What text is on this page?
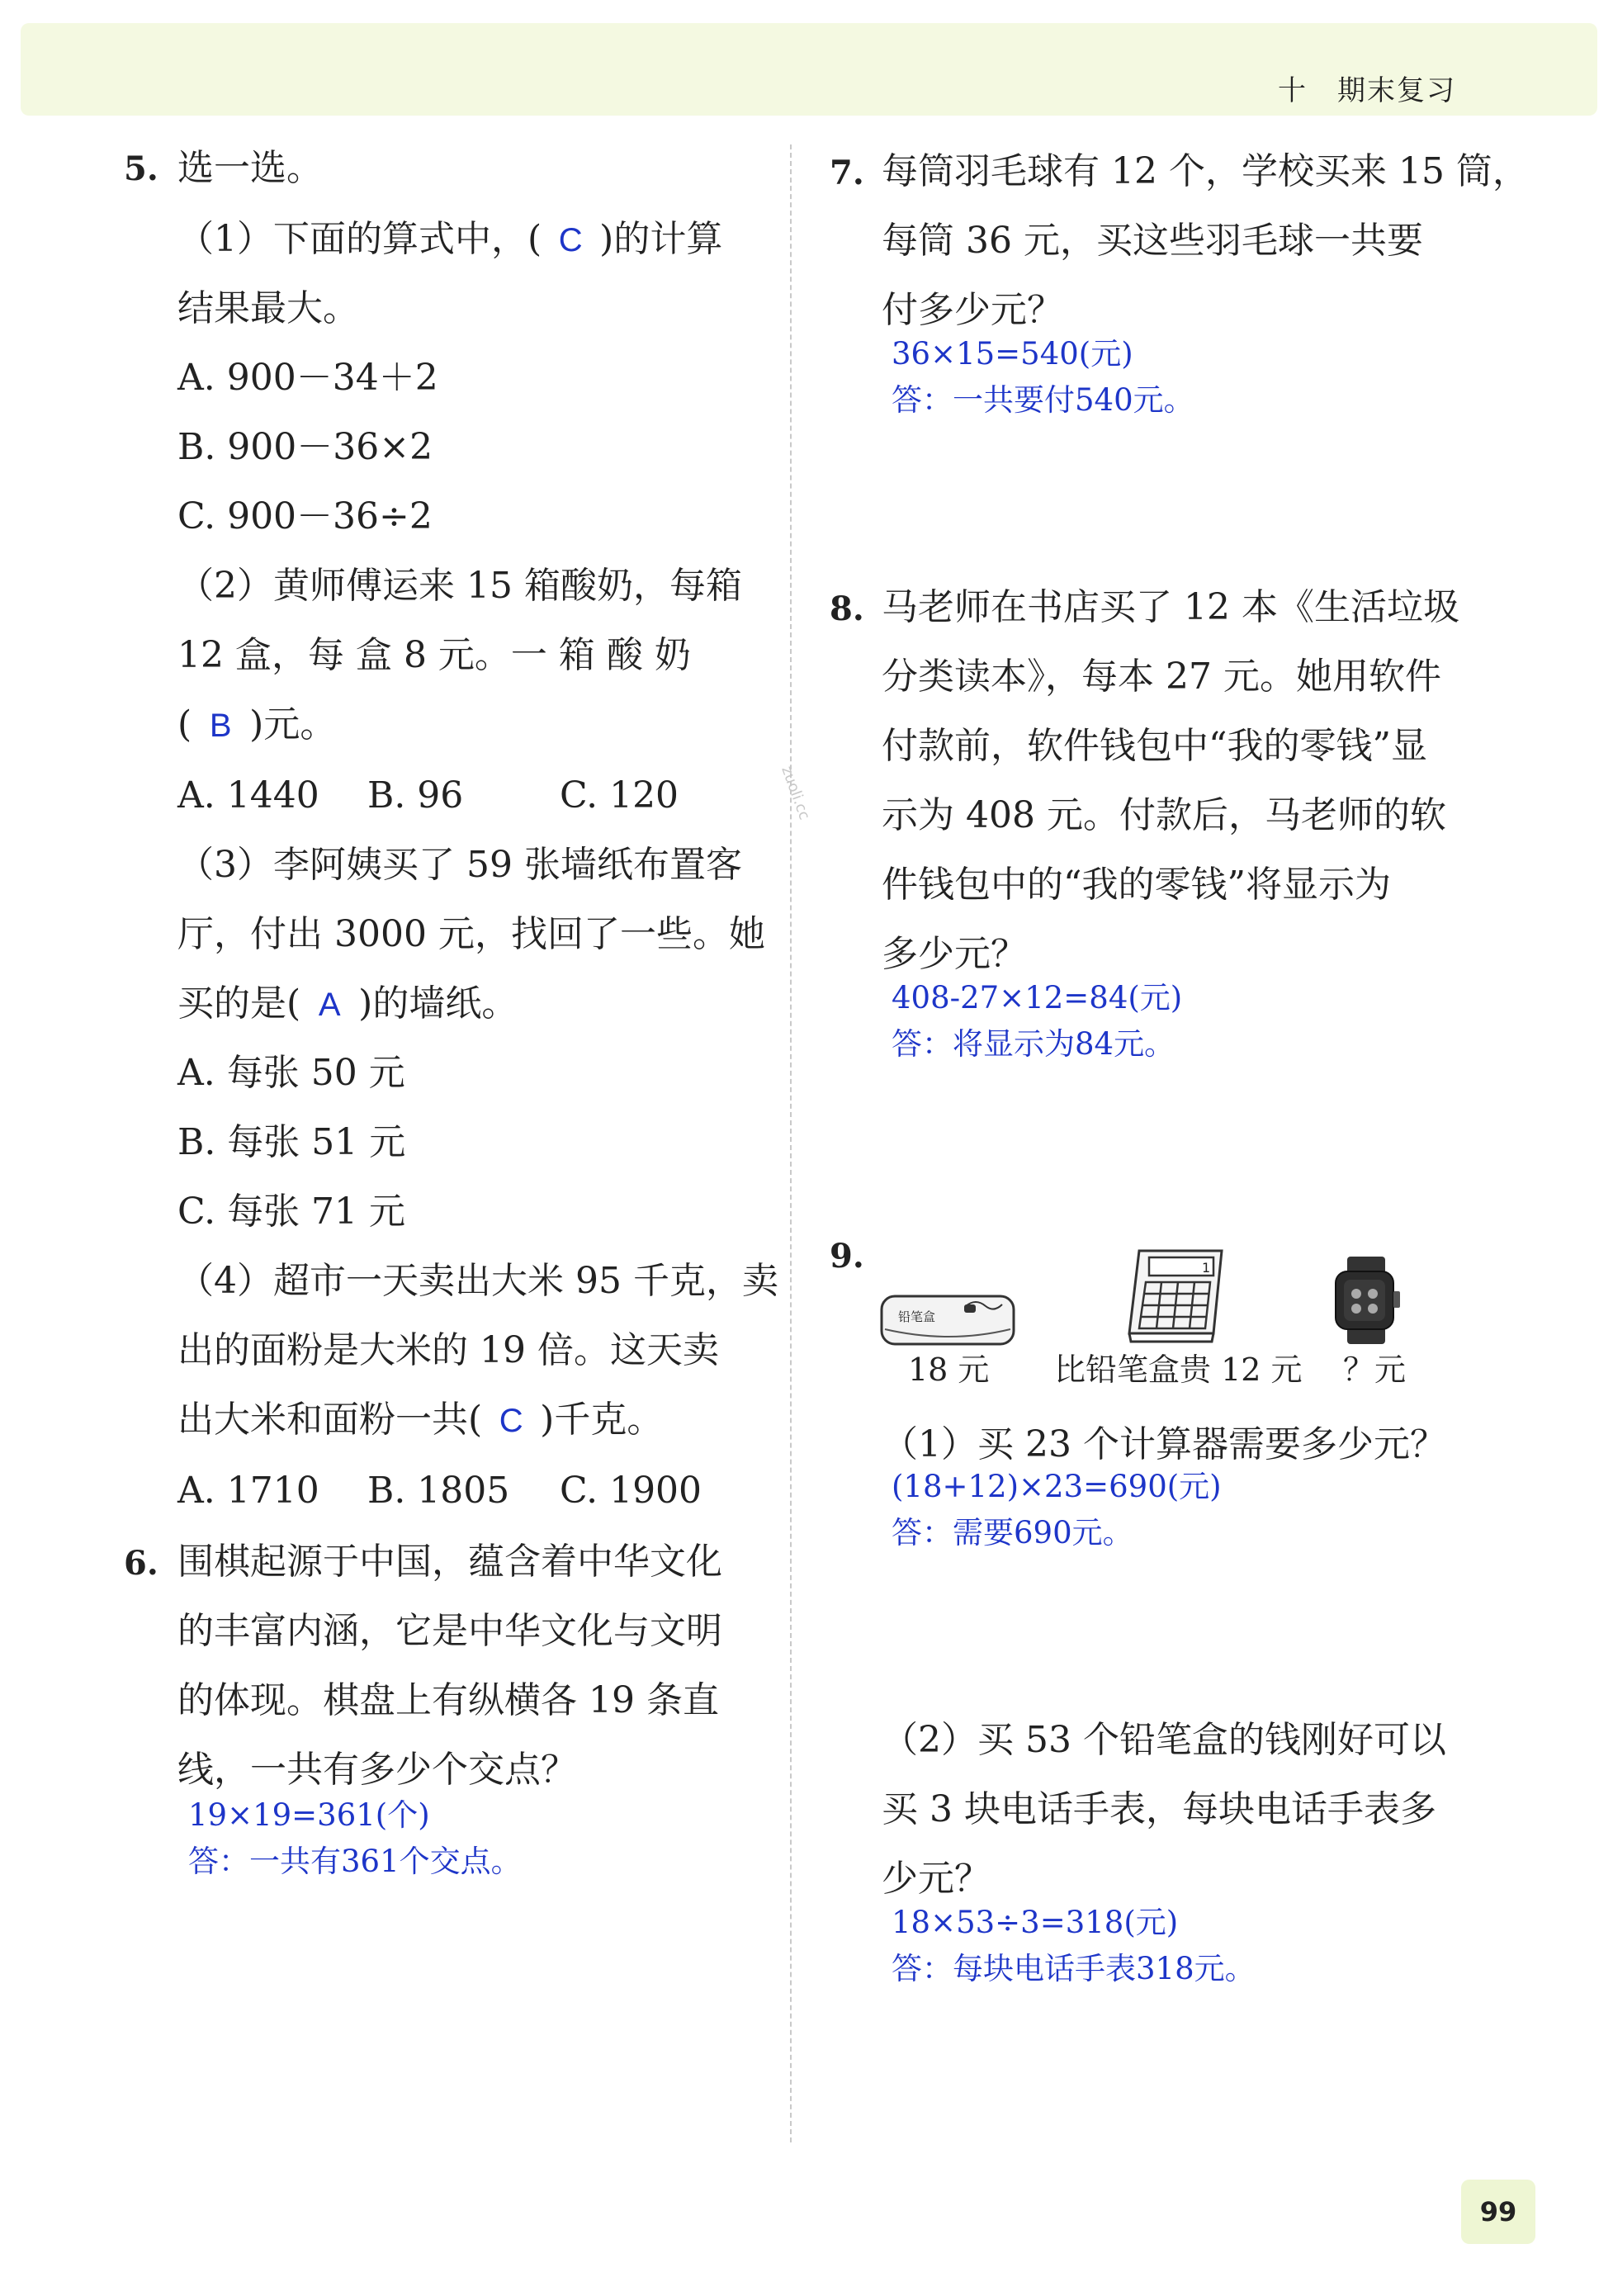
十　期末复习
zuoli.cc
5. 选一选。
（1）下面的算式中，( C )的计算
结果最大。
A. 900－34＋2
B. 900－36×2
C. 900－36÷2
（2）黄师傅运来 15 箱酸奶，每箱
12 盒，每 盒 8 元。一 箱 酸 奶
( B )元。
A. 1440 B. 96	C. 120
（3）李阿姨买了 59 张墙纸布置客
厅，付出 3000 元，找回了一些。她
买的是( A )的墙纸。
A. 每张 50 元
B. 每张 51 元
C. 每张 71 元
（4）超市一天卖出大米 95 千克，卖
出的面粉是大米的 19 倍。这天卖
出大米和面粉一共( C )千克。
A. 1710 B. 1805 C. 1900
6. 围棋起源于中国，蕴含着中华文化
的丰富内涵，它是中华文化与文明
的体现。棋盘上有纵横各 19 条直
线，一共有多少个交点？
19×19=361(个)
答：一共有361个交点。
7. 每筒羽毛球有 12 个，学校买来 15 筒，
每筒 36 元，买这些羽毛球一共要
付多少元？
36×15=540(元)
答：一共要付540元。
8. 马老师在书店买了 12 本《生活垃圾
分类读本》，每本 27 元。她用软件
付款前，软件钱包中“我的零钱”显
示为 408 元。付款后，马老师的软
件钱包中的“我的零钱”将显示为
多少元？
408-27×12=84(元)
答：将显示为84元。
9.
铅笔盒
18 元
1
比铅笔盒贵 12 元 ？元
（1）买 23 个计算器需要多少元？
(18+12)×23=690(元)
答：需要690元。
（2）买 53 个铅笔盒的钱刚好可以
买 3 块电话手表，每块电话手表多
少元？
18×53÷3=318(元)
答：每块电话手表318元。
99
